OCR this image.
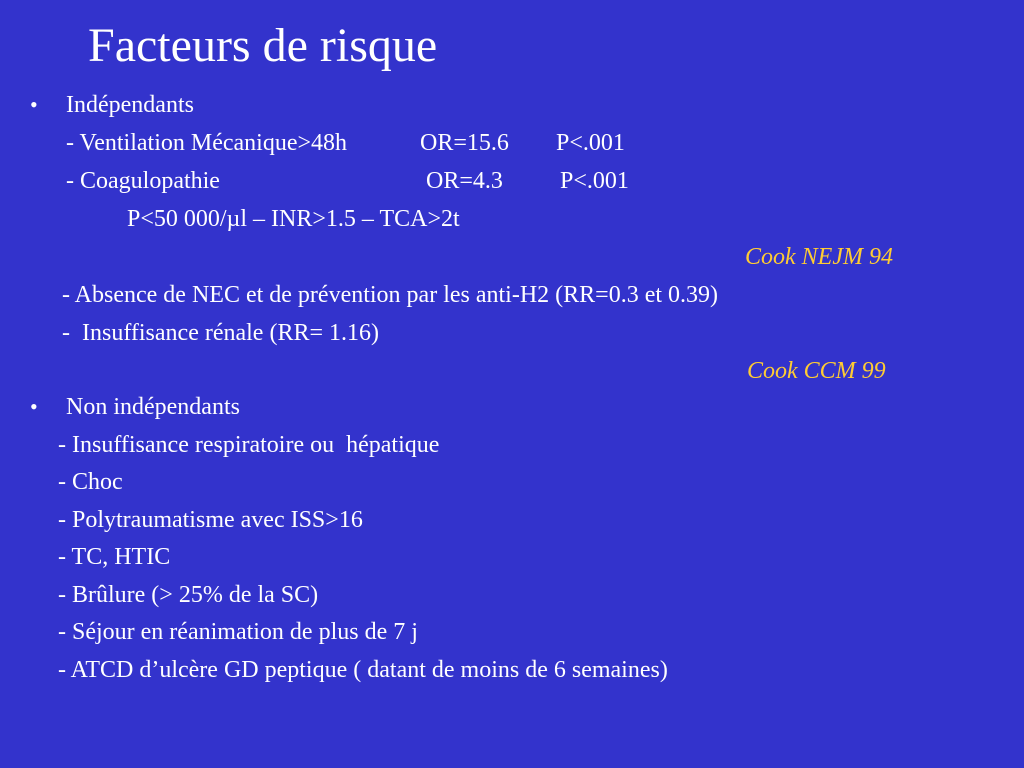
Facteurs de risque
• Indépendants
- Ventilation Mécanique>48h	OR=15.6 P<.001
- Coagulopathie	OR=4.3 P<.001
P<50 000/µl – INR>1.5 – TCA>2t
Cook NEJM 94
- Absence de NEC et de prévention par les anti-H2 (RR=0.3 et 0.39)
-  Insuffisance rénale (RR= 1.16)
Cook CCM 99
• Non indépendants
- Insuffisance respiratoire ou  hépatique
- Choc
- Polytraumatisme avec ISS>16
- TC, HTIC
- Brûlure (> 25% de la SC)
- Séjour en réanimation de plus de 7 j
- ATCD d’ulcère GD peptique ( datant de moins de 6 semaines)
